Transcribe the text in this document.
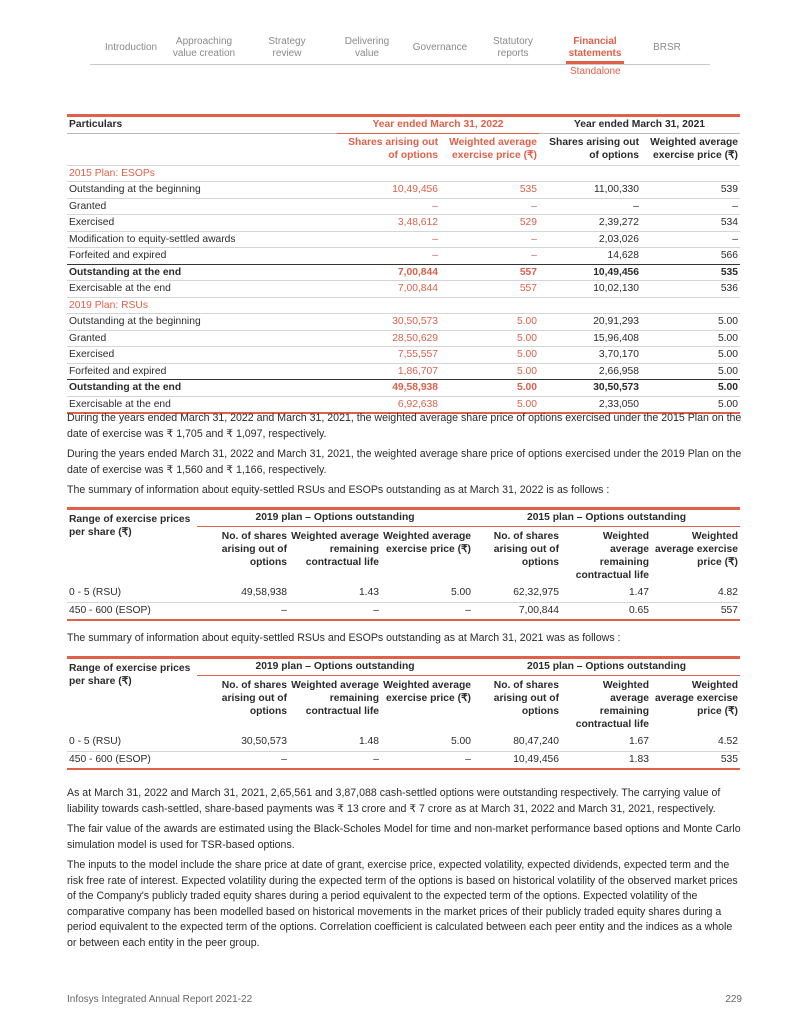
Introduction
Approaching value creation
Strategy review
Delivering value
Governance
Statutory reports
Financial statements
BRSR
Standalone
Particulars	Year ended March 31, 2022		Year ended March 31, 2021	
	Shares arising out of options	Weighted average exercise price (₹)	Shares arising out of options	Weighted average exercise price (₹)
2015 Plan: ESOPs				
Outstanding at the beginning	10,49,456	535	11,00,330	539
Granted	–	–	–	–
Exercised	3,48,612	529	2,39,272	534
Modification to equity-settled awards	–	–	2,03,026	–
Forfeited and expired	–	–	14,628	566
Outstanding at the end	7,00,844	557	10,49,456	535
Exercisable at the end	7,00,844	557	10,02,130	536
2019 Plan: RSUs				
Outstanding at the beginning	30,50,573	5.00	20,91,293	5.00
Granted	28,50,629	5.00	15,96,408	5.00
Exercised	7,55,557	5.00	3,70,170	5.00
Forfeited and expired	1,86,707	5.00	2,66,958	5.00
Outstanding at the end	49,58,938	5.00	30,50,573	5.00
Exercisable at the end	6,92,638	5.00	2,33,050	5.00

During the years ended March 31, 2022 and March 31, 2021, the weighted average share price of options exercised under the 2015 Plan on the date of exercise was ₹ 1,705 and ₹ 1,097, respectively.

During the years ended March 31, 2022 and March 31, 2021, the weighted average share price of options exercised under the 2019 Plan on the date of exercise was ₹ 1,560 and ₹ 1,166, respectively.

The summary of information about equity-settled RSUs and ESOPs outstanding as at March 31, 2022 is as follows :

Range of exercise prices per share (₹)	2019 plan – Options outstanding			2015 plan – Options outstanding		
	No. of shares arising out of options	Weighted average remaining contractual life	Weighted average exercise price (₹)	No. of shares arising out of options	Weighted average remaining contractual life	Weighted average exercise price (₹)
0 - 5 (RSU)	49,58,938	1.43	5.00	62,32,975	1.47	4.82
450 - 600 (ESOP)	–	–	–	7,00,844	0.65	557

The summary of information about equity-settled RSUs and ESOPs outstanding as at March 31, 2021 was as follows :

Range of exercise prices per share (₹)	2019 plan – Options outstanding			2015 plan – Options outstanding		
	No. of shares arising out of options	Weighted average remaining contractual life	Weighted average exercise price (₹)	No. of shares arising out of options	Weighted average remaining contractual life	Weighted average exercise price (₹)
0 - 5 (RSU)	30,50,573	1.48	5.00	80,47,240	1.67	4.52
450 - 600 (ESOP)	–	–	–	10,49,456	1.83	535

As at March 31, 2022 and March 31, 2021, 2,65,561 and 3,87,088 cash-settled options were outstanding respectively. The carrying value of liability towards cash-settled, share-based payments was ₹ 13 crore and ₹ 7 crore as at March 31, 2022 and March 31, 2021, respectively.

The fair value of the awards are estimated using the Black-Scholes Model for time and non-market performance based options and Monte Carlo simulation model is used for TSR-based options.

The inputs to the model include the share price at date of grant, exercise price, expected volatility, expected dividends, expected term and the risk free rate of interest. Expected volatility during the expected term of the options is based on historical volatility of the observed market prices of the Company's publicly traded equity shares during a period equivalent to the expected term of the options. Expected volatility of the comparative company has been modelled based on historical movements in the market prices of their publicly traded equity shares during a period equivalent to the expected term of the options. Correlation coefficient is calculated between each peer entity and the indices as a whole or between each entity in the peer group.

Infosys Integrated Annual Report 2021-22	229
